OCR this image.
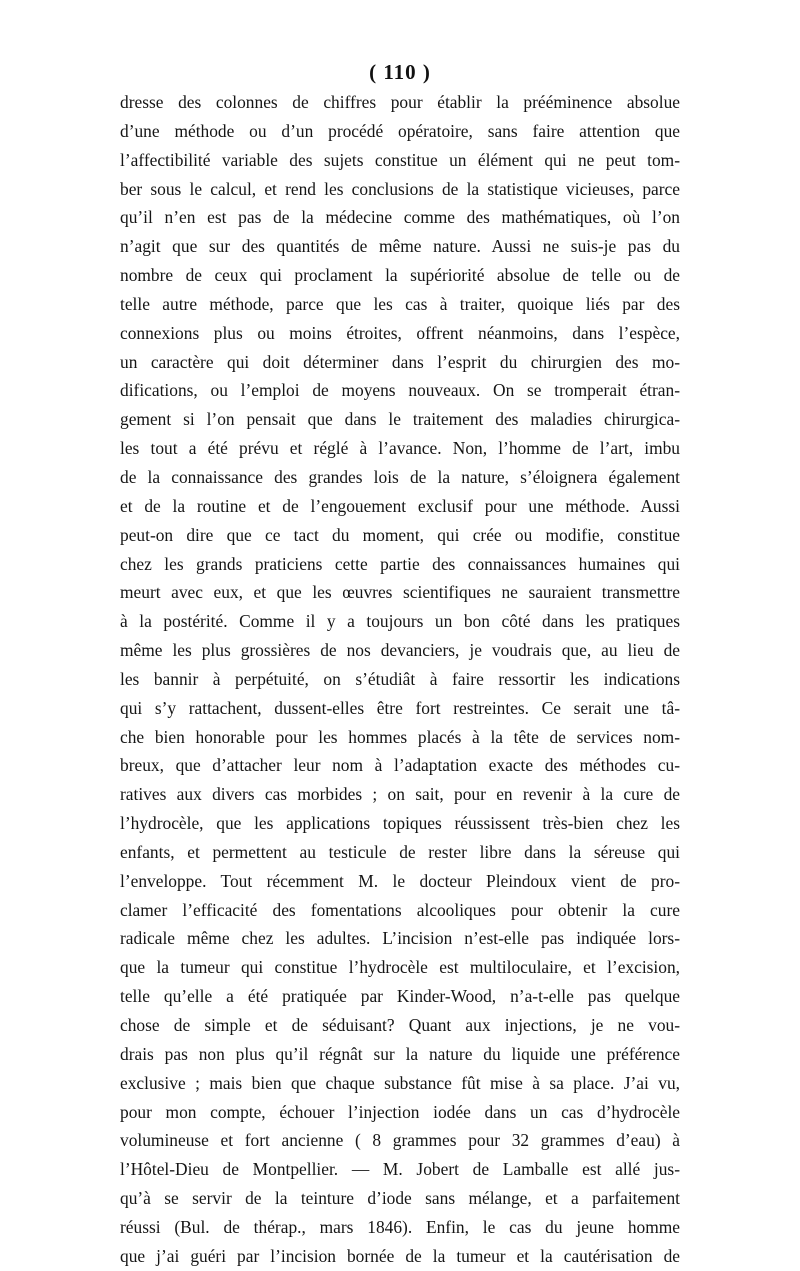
( 110 )
dresse des colonnes de chiffres pour établir la prééminence absolue
d’une méthode ou d’un procédé opératoire, sans faire attention que
l’affectibilité variable des sujets constitue un élément qui ne peut tom-
ber sous le calcul, et rend les conclusions de la statistique vicieuses, parce
qu’il n’en est pas de la médecine comme des mathématiques, où l’on
n’agit que sur des quantités de même nature. Aussi ne suis-je pas du
nombre de ceux qui proclament la supériorité absolue de telle ou de
telle autre méthode, parce que les cas à traiter, quoique liés par des
connexions plus ou moins étroites, offrent néanmoins, dans l’espèce,
un caractère qui doit déterminer dans l’esprit du chirurgien des mo-
difications, ou l’emploi de moyens nouveaux. On se tromperait étran-
gement si l’on pensait que dans le traitement des maladies chirurgica-
les tout a été prévu et réglé à l’avance. Non, l’homme de l’art, imbu
de la connaissance des grandes lois de la nature, s’éloignera également
et de la routine et de l’engouement exclusif pour une méthode. Aussi
peut-on dire que ce tact du moment, qui crée ou modifie, constitue
chez les grands praticiens cette partie des connaissances humaines qui
meurt avec eux, et que les œuvres scientifiques ne sauraient transmettre
à la postérité. Comme il y a toujours un bon côté dans les pratiques
même les plus grossières de nos devanciers, je voudrais que, au lieu de
les bannir à perpétuité, on s’étudiât à faire ressortir les indications
qui s’y rattachent, dussent-elles être fort restreintes. Ce serait une tâ-
che bien honorable pour les hommes placés à la tête de services nom-
breux, que d’attacher leur nom à l’adaptation exacte des méthodes cu-
ratives aux divers cas morbides ; on sait, pour en revenir à la cure de
l’hydrocèle, que les applications topiques réussissent très-bien chez les
enfants, et permettent au testicule de rester libre dans la séreuse qui
l’enveloppe. Tout récemment M. le docteur Pleindoux vient de pro-
clamer l’efficacité des fomentations alcooliques pour obtenir la cure
radicale même chez les adultes. L’incision n’est-elle pas indiquée lors-
que la tumeur qui constitue l’hydrocèle est multiloculaire, et l’excision,
telle qu’elle a été pratiquée par Kinder-Wood, n’a-t-elle pas quelque
chose de simple et de séduisant? Quant aux injections, je ne vou-
drais pas non plus qu’il régnât sur la nature du liquide une préférence
exclusive ; mais bien que chaque substance fût mise à sa place. J’ai vu,
pour mon compte, échouer l’injection iodée dans un cas d’hydrocèle
volumineuse et fort ancienne ( 8 grammes pour 32 grammes d’eau) à
l’Hôtel-Dieu de Montpellier. — M. Jobert de Lamballe est allé jus-
qu’à se servir de la teinture d’iode sans mélange, et a parfaitement
réussi (Bul. de thérap., mars 1846). Enfin, le cas du jeune homme
que j’ai guéri par l’incision bornée de la tumeur et la cautérisation de
